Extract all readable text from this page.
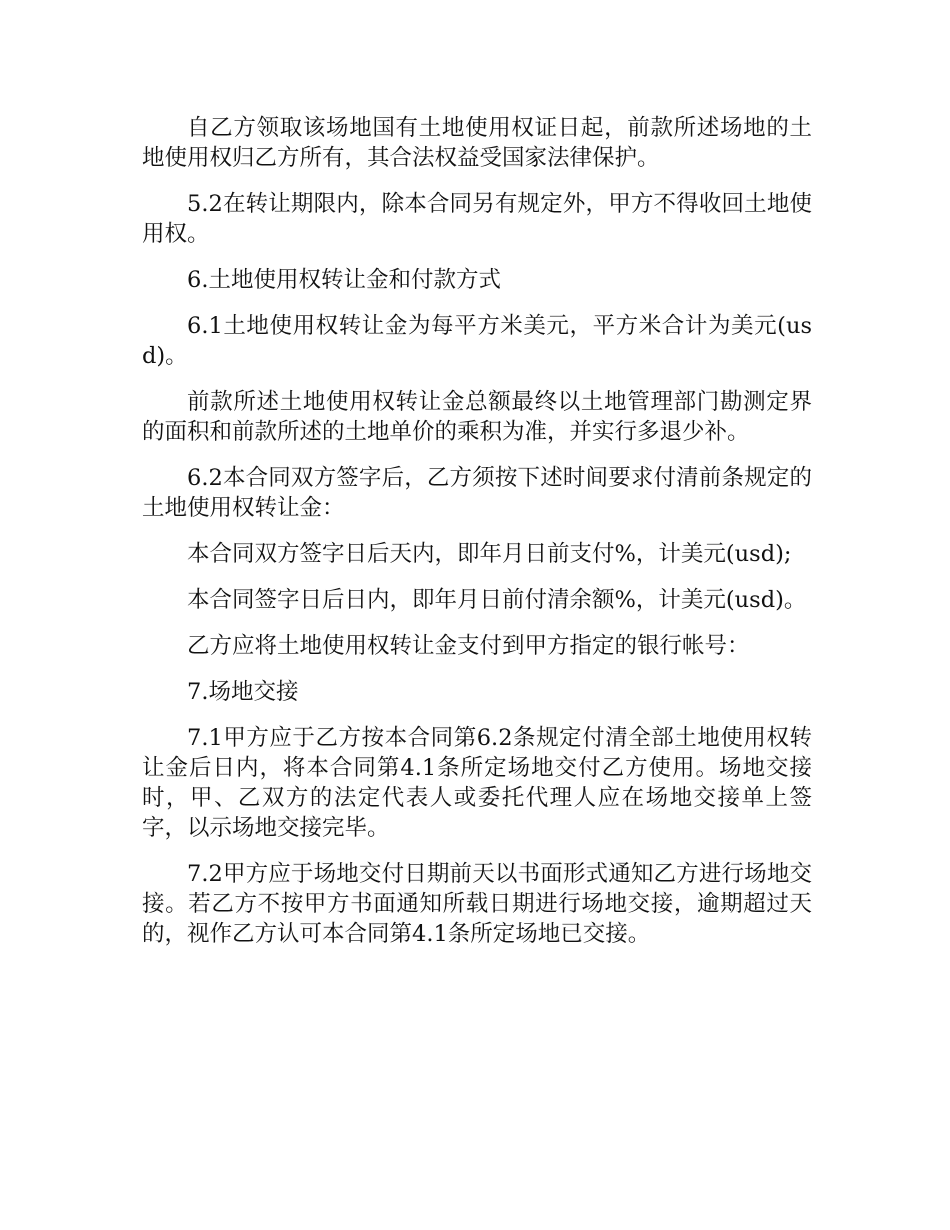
自乙方领取该场地国有土地使用权证日起，前款所述场地的土地使用权归乙方所有，其合法权益受国家法律保护。

5.2在转让期限内，除本合同另有规定外，甲方不得收回土地使用权。

6.土地使用权转让金和付款方式

6.1土地使用权转让金为每平方米美元，平方米合计为美元(usd)。

前款所述土地使用权转让金总额最终以土地管理部门勘测定界的面积和前款所述的土地单价的乘积为准，并实行多退少补。

6.2本合同双方签字后，乙方须按下述时间要求付清前条规定的土地使用权转让金：

本合同双方签字日后天内，即年月日前支付%，计美元(usd);

本合同签字日后日内，即年月日前付清余额%，计美元(usd)。

乙方应将土地使用权转让金支付到甲方指定的银行帐号：

7.场地交接

7.1甲方应于乙方按本合同第6.2条规定付清全部土地使用权转让金后日内，将本合同第4.1条所定场地交付乙方使用。场地交接时，甲、乙双方的法定代表人或委托代理人应在场地交接单上签字，以示场地交接完毕。

7.2甲方应于场地交付日期前天以书面形式通知乙方进行场地交接。若乙方不按甲方书面通知所载日期进行场地交接，逾期超过天的，视作乙方认可本合同第4.1条所定场地已交接。
